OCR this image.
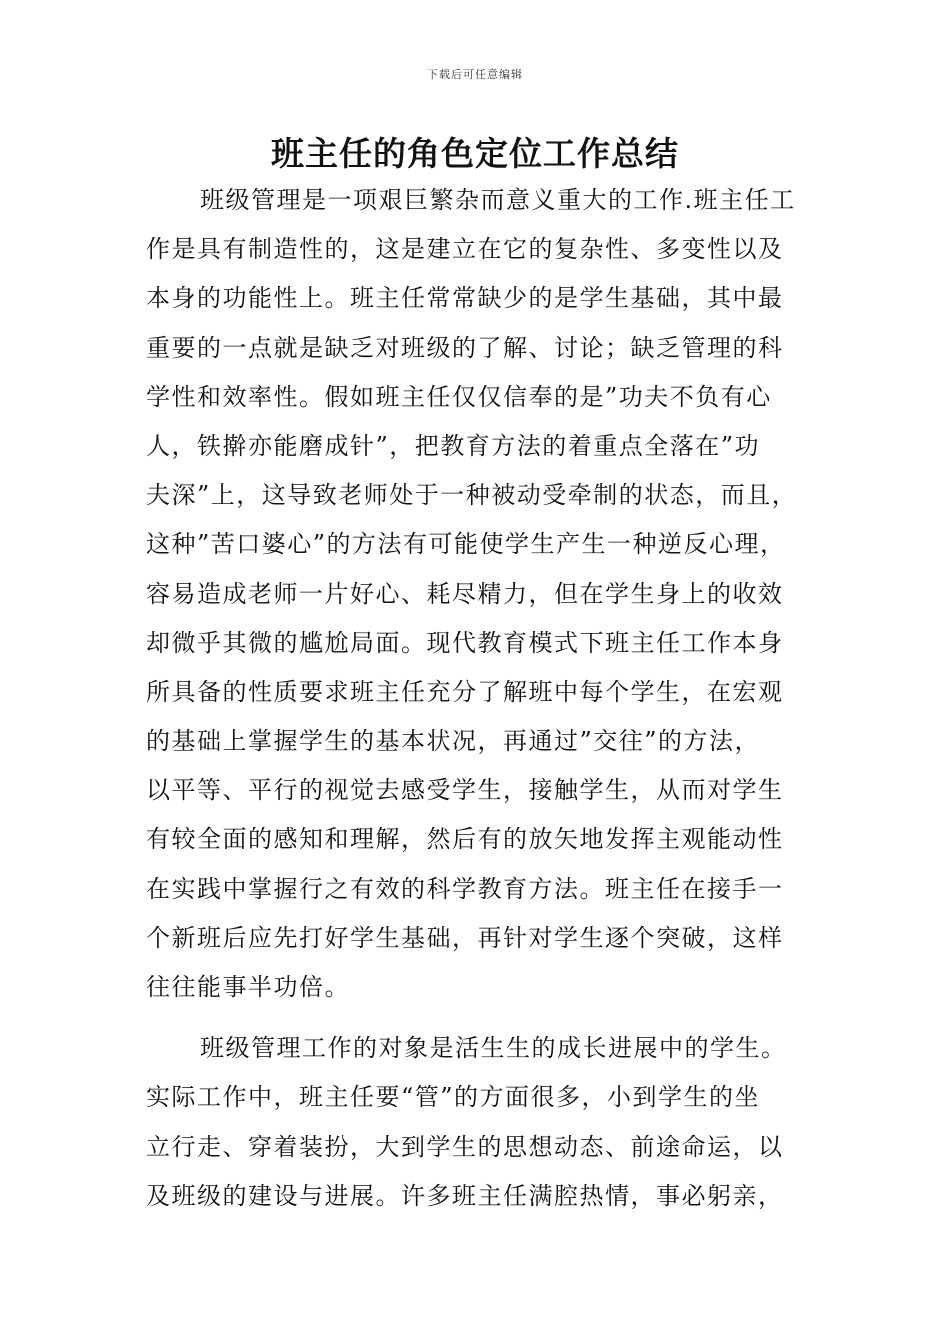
下载后可任意编辑
班主任的角色定位工作总结
班级管理是一项艰巨繁杂而意义重大的工作.班主任工
作是具有制造性的，这是建立在它的复杂性、多变性以及
本身的功能性上。班主任常常缺少的是学生基础，其中最
重要的一点就是缺乏对班级的了解、讨论；缺乏管理的科
学性和效率性。假如班主任仅仅信奉的是”功夫不负有心
人，铁擀亦能磨成针”，把教育方法的着重点全落在”功
夫深”上，这导致老师处于一种被动受牵制的状态，而且，
这种”苦口婆心”的方法有可能使学生产生一种逆反心理，
容易造成老师一片好心、耗尽精力，但在学生身上的收效
却微乎其微的尴尬局面。现代教育模式下班主任工作本身
所具备的性质要求班主任充分了解班中每个学生，在宏观
的基础上掌握学生的基本状况，再通过”交往”的方法，
以平等、平行的视觉去感受学生，接触学生，从而对学生
有较全面的感知和理解，然后有的放矢地发挥主观能动性
在实践中掌握行之有效的科学教育方法。班主任在接手一
个新班后应先打好学生基础，再针对学生逐个突破，这样
往往能事半功倍。
班级管理工作的对象是活生生的成长进展中的学生。
实际工作中，班主任要“管”的方面很多，小到学生的坐
立行走、穿着装扮，大到学生的思想动态、前途命运，以
及班级的建设与进展。许多班主任满腔热情，事必躬亲，
